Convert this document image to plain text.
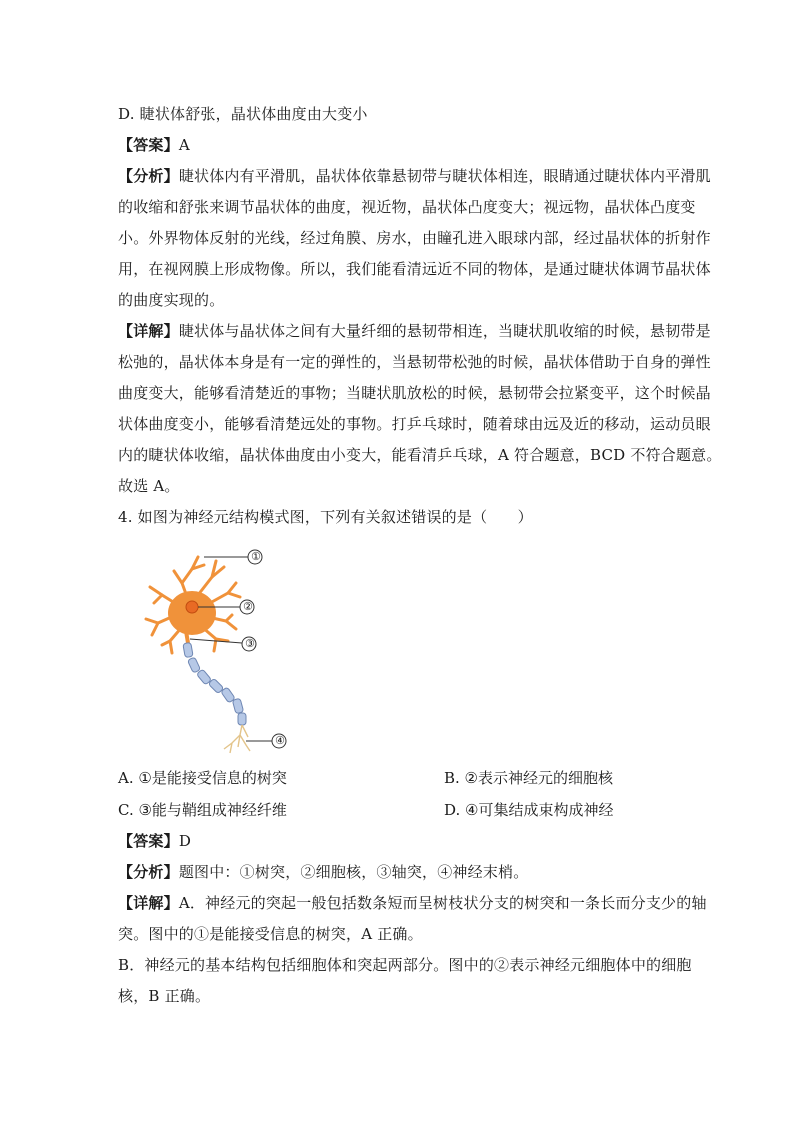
D. 睫状体舒张，晶状体曲度由大变小
【答案】A
【分析】睫状体内有平滑肌，晶状体依靠悬韧带与睫状体相连，眼睛通过睫状体内平滑肌
的收缩和舒张来调节晶状体的曲度，视近物，晶状体凸度变大；视远物，晶状体凸度变
小。外界物体反射的光线，经过角膜、房水，由瞳孔进入眼球内部，经过晶状体的折射作
用，在视网膜上形成物像。所以，我们能看清远近不同的物体，是通过睫状体调节晶状体
的曲度实现的。
【详解】睫状体与晶状体之间有大量纤细的悬韧带相连，当睫状肌收缩的时候，悬韧带是
松弛的，晶状体本身是有一定的弹性的，当悬韧带松弛的时候，晶状体借助于自身的弹性
曲度变大，能够看清楚近的事物；当睫状肌放松的时候，悬韧带会拉紧变平，这个时候晶
状体曲度变小，能够看清楚远处的事物。打乒乓球时，随着球由远及近的移动，运动员眼
内的睫状体收缩，晶状体曲度由小变大，能看清乒乓球，A 符合题意，BCD 不符合题意。
故选 A。
4. 如图为神经元结构模式图，下列有关叙述错误的是（　　）
①
②
③
④
A. ①是能接受信息的树突	B. ②表示神经元的细胞核
C. ③能与鞘组成神经纤维	D. ④可集结成束构成神经
【答案】D
【分析】题图中：①树突，②细胞核，③轴突，④神经末梢。
【详解】A．神经元的突起一般包括数条短而呈树枝状分支的树突和一条长而分支少的轴
突。图中的①是能接受信息的树突，A 正确。
B．神经元的基本结构包括细胞体和突起两部分。图中的②表示神经元细胞体中的细胞
核，B 正确。
